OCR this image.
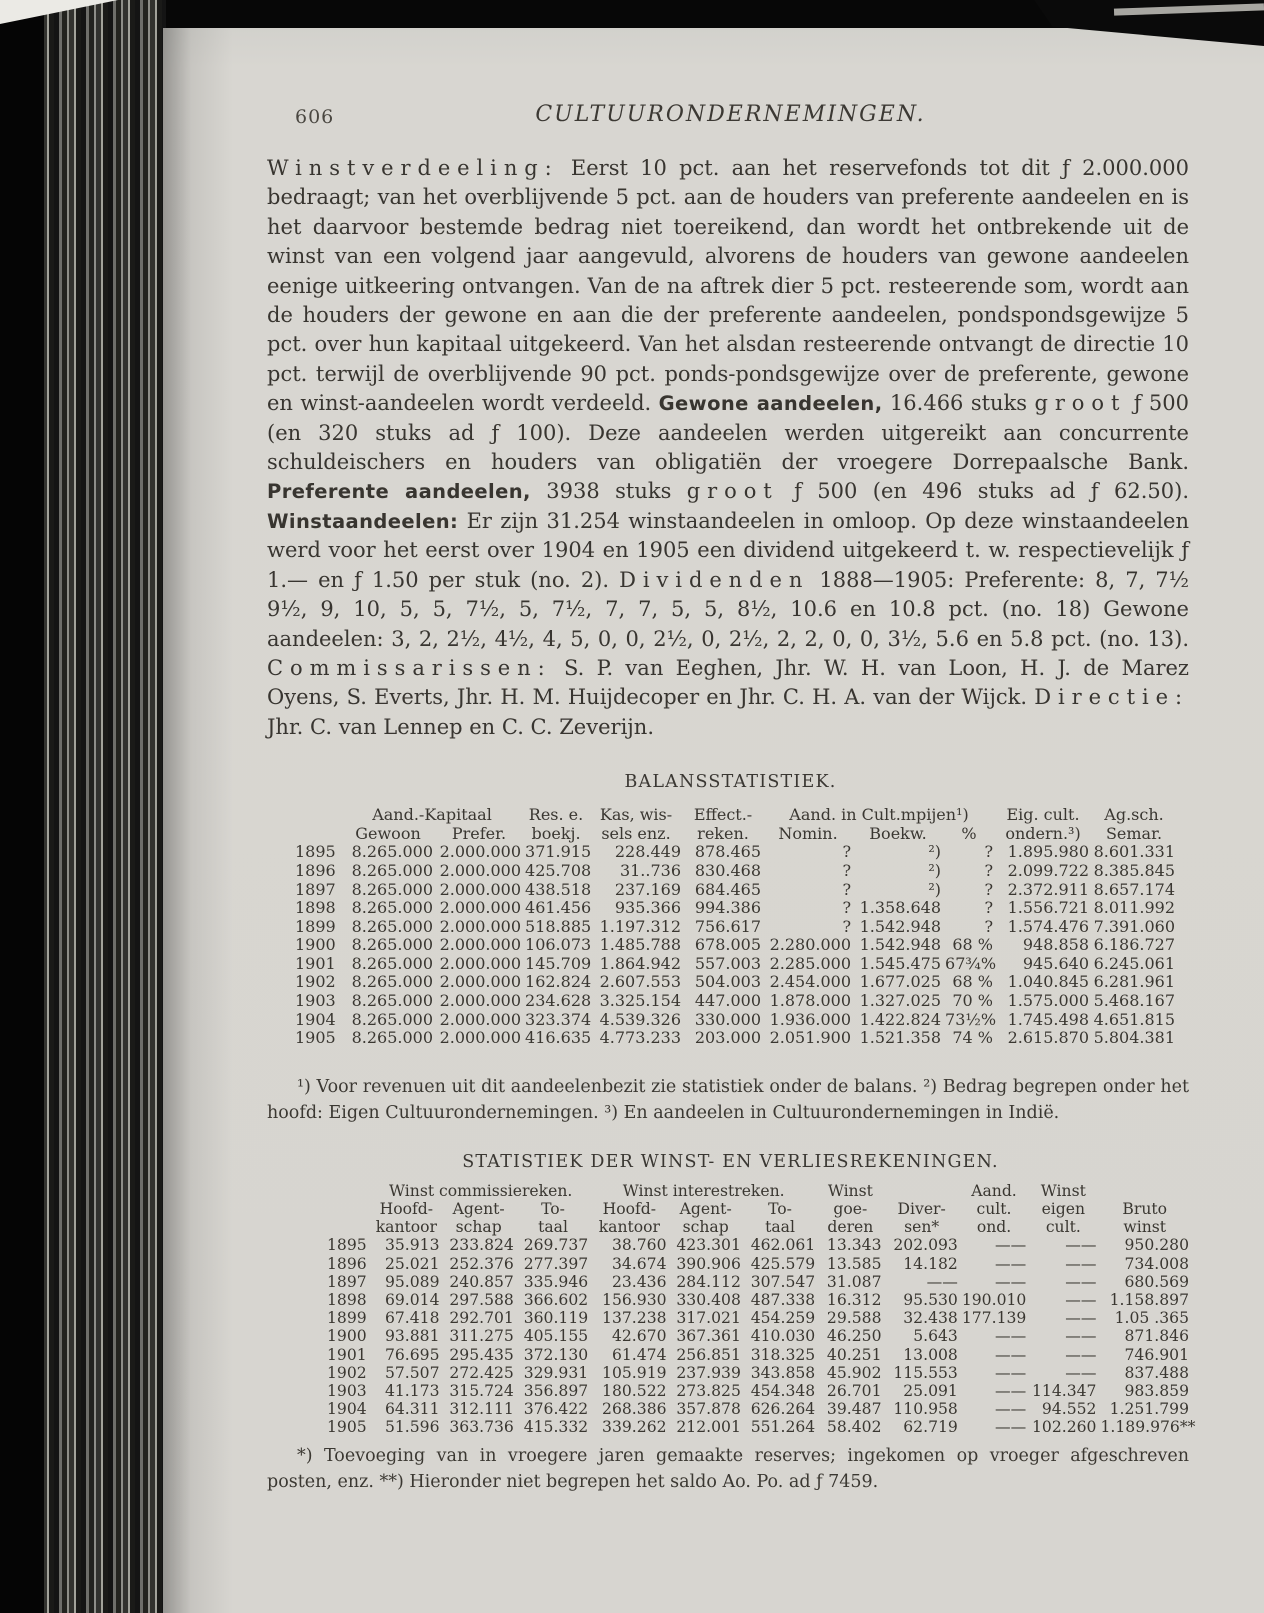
606	CULTUURONDERNEMINGEN.

Winstverdeeling: Eerst 10 pct. aan het reservefonds tot dit ƒ 2.000.000 bedraagt; van het overblijvende 5 pct. aan de houders van preferente aandeelen en is het daarvoor bestemde bedrag niet toereikend, dan wordt het ontbrekende uit de winst van een volgend jaar aangevuld, alvorens de houders van gewone aandeelen eenige uitkeering ontvangen. Van de na aftrek dier 5 pct. resteerende som, wordt aan de houders der gewone en aan die der preferente aandeelen, pondspondsgewijze 5 pct. over hun kapitaal uitgekeerd. Van het alsdan resteerende ontvangt de directie 10 pct. terwijl de overblijvende 90 pct. ponds-pondsgewijze over de preferente, gewone en winst-aandeelen wordt verdeeld. Gewone aandeelen, 16.466 stuks groot ƒ 500 (en 320 stuks ad ƒ 100). Deze aandeelen werden uitgereikt aan concurrente schuldeischers en houders van obligatiën der vroegere Dorrepaalsche Bank. Preferente aandeelen, 3938 stuks groot ƒ 500 (en 496 stuks ad ƒ 62.50). Winstaandeelen: Er zijn 31.254 winstaandeelen in omloop. Op deze winstaandeelen werd voor het eerst over 1904 en 1905 een dividend uitgekeerd t. w. respectievelijk ƒ 1.— en ƒ 1.50 per stuk (no. 2). Dividenden 1888—1905: Preferente: 8, 7, 7½ 9½, 9, 10, 5, 5, 7½, 5, 7½, 7, 7, 5, 5, 8½, 10.6 en 10.8 pct. (no. 18) Gewone aandeelen: 3, 2, 2½, 4½, 4, 5, 0, 0, 2½, 0, 2½, 2, 2, 0, 0, 3½, 5.6 en 5.8 pct. (no. 13). Commissarissen: S. P. van Eeghen, Jhr. W. H. van Loon, H. J. de Marez Oyens, S. Everts, Jhr. H. M. Huijdecoper en Jhr. C. H. A. van der Wijck. Directie: Jhr. C. van Lennep en C. C. Zeverijn.

BALANSSTATISTIEK.
	Aand.-Kapitaal		Res. e.	Kas, wis-	Effect.-	Aand. in Cult.mpijen¹)			Eig. cult.	Ag.sch.
	Gewoon	Prefer.	boekj.	sels enz.	reken.	Nomin.	Boekw.	%	ondern.³)	Semar.
1895	8.265.000	2.000.000	371.915	228.449	878.465	?	²)	?	1.895.980	8.601.331
1896	8.265.000	2.000.000	425.708	31..736	830.468	?	²)	?	2.099.722	8.385.845
1897	8.265.000	2.000.000	438.518	237.169	684.465	?	²)	?	2.372.911	8.657.174
1898	8.265.000	2.000.000	461.456	935.366	994.386	?	1.358.648	?	1.556.721	8.011.992
1899	8.265.000	2.000.000	518.885	1.197.312	756.617	?	1.542.948	?	1.574.476	7.391.060
1900	8.265.000	2.000.000	106.073	1.485.788	678.005	2.280.000	1.542.948	68 %	948.858	6.186.727
1901	8.265.000	2.000.000	145.709	1.864.942	557.003	2.285.000	1.545.475	67¾%	945.640	6.245.061
1902	8.265.000	2.000.000	162.824	2.607.553	504.003	2.454.000	1.677.025	68 %	1.040.845	6.281.961
1903	8.265.000	2.000.000	234.628	3.325.154	447.000	1.878.000	1.327.025	70 %	1.575.000	5.468.167
1904	8.265.000	2.000.000	323.374	4.539.326	330.000	1.936.000	1.422.824	73½%	1.745.498	4.651.815
1905	8.265.000	2.000.000	416.635	4.773.233	203.000	2.051.900	1.521.358	74 %	2.615.870	5.804.381

¹) Voor revenuen uit dit aandeelenbezit zie statistiek onder de balans. ²) Bedrag begrepen onder het hoofd: Eigen Cultuurondernemingen. ³) En aandeelen in Cultuurondernemingen in Indië.

STATISTIEK DER WINST- EN VERLIESREKENINGEN.
	Winst commissiereken.			Winst interestreken.			Winst		Aand.	Winst	
	Hoofd-	Agent-	To-	Hoofd-	Agent-	To-	goe-	Diver-	cult.	eigen	Bruto
	kantoor	schap	taal	kantoor	schap	taal	deren	sen*	ond.	cult.	winst
1895	35.913	233.824	269.737	38.760	423.301	462.061	13.343	202.093	——	——	950.280
1896	25.021	252.376	277.397	34.674	390.906	425.579	13.585	14.182	——	——	734.008
1897	95.089	240.857	335.946	23.436	284.112	307.547	31.087	——	——	——	680.569
1898	69.014	297.588	366.602	156.930	330.408	487.338	16.312	95.530	190.010	——	1.158.897
1899	67.418	292.701	360.119	137.238	317.021	454.259	29.588	32.438	177.139	——	1.05 .365
1900	93.881	311.275	405.155	42.670	367.361	410.030	46.250	5.643	——	——	871.846
1901	76.695	295.435	372.130	61.474	256.851	318.325	40.251	13.008	——	——	746.901
1902	57.507	272.425	329.931	105.919	237.939	343.858	45.902	115.553	——	——	837.488
1903	41.173	315.724	356.897	180.522	273.825	454.348	26.701	25.091	——	114.347	983.859
1904	64.311	312.111	376.422	268.386	357.878	626.264	39.487	110.958	——	94.552	1.251.799
1905	51.596	363.736	415.332	339.262	212.001	551.264	58.402	62.719	——	102.260	1.189.976**

*) Toevoeging van in vroegere jaren gemaakte reserves; ingekomen op vroeger afgeschreven posten, enz. **) Hieronder niet begrepen het saldo Ao. Po. ad ƒ 7459.
